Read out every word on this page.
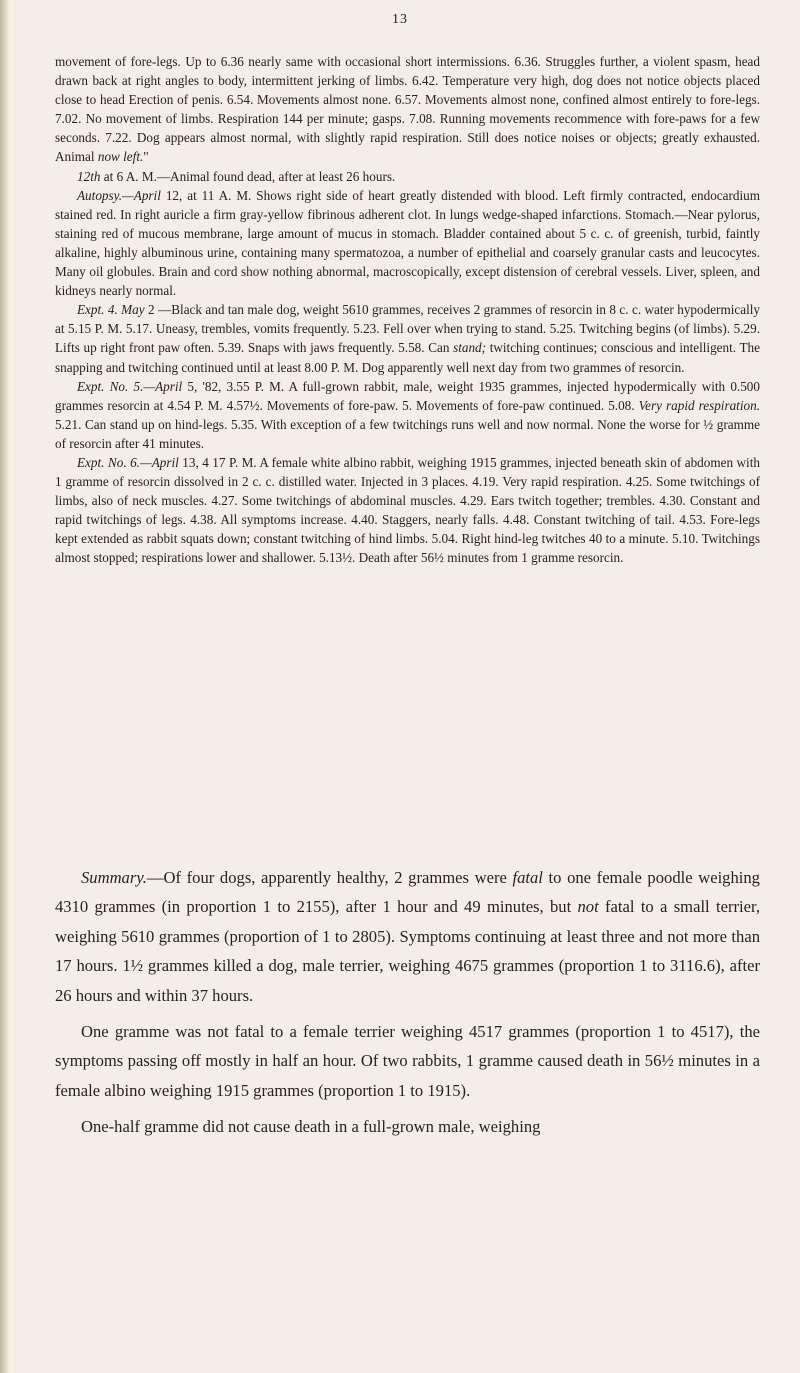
13

movement of fore-legs. Up to 6.36 nearly same with occasional short intermissions. 6.36. Struggles further, a violent spasm, head drawn back at right angles to body, intermittent jerking of limbs. 6.42. Temperature very high, dog does not notice objects placed close to head Erection of penis. 6.54. Movements almost none. 6.57. Movements almost none, confined almost entirely to fore-legs. 7.02. No movement of limbs. Respiration 144 per minute; gasps. 7.08. Running movements recommence with fore-paws for a few seconds. 7.22. Dog appears almost normal, with slightly rapid respiration. Still does notice noises or objects; greatly exhausted. Animal now left."

12th at 6 A. M.—Animal found dead, after at least 26 hours.

Autopsy.—April 12, at 11 A. M. Shows right side of heart greatly distended with blood. Left firmly contracted, endocardium stained red. In right auricle a firm gray-yellow fibrinous adherent clot. In lungs wedge-shaped infarctions. Stomach.—Near pylorus, staining red of mucous membrane, large amount of mucus in stomach. Bladder contained about 5 c. c. of greenish, turbid, faintly alkaline, highly albuminous urine, containing many spermatozoa, a number of epithelial and coarsely granular casts and leucocytes. Many oil globules. Brain and cord show nothing abnormal, macroscopically, except distension of cerebral vessels. Liver, spleen, and kidneys nearly normal.

Expt. 4. May 2 —Black and tan male dog, weight 5610 grammes, receives 2 grammes of resorcin in 8 c. c. water hypodermically at 5.15 P. M. 5.17. Uneasy, trembles, vomits frequently. 5.23. Fell over when trying to stand. 5.25. Twitching begins (of limbs). 5.29. Lifts up right front paw often. 5.39. Snaps with jaws frequently. 5.58. Can stand; twitching continues; conscious and intelligent. The snapping and twitching continued until at least 8.00 P. M. Dog apparently well next day from two grammes of resorcin.

Expt. No. 5.—April 5, '82, 3.55 P. M. A full-grown rabbit, male, weight 1935 grammes, injected hypodermically with 0.500 grammes resorcin at 4.54 P. M. 4.57½. Movements of fore-paw. 5. Movements of fore-paw continued. 5.08. Very rapid respiration. 5.21. Can stand up on hind-legs. 5.35. With exception of a few twitchings runs well and now normal. None the worse for ½ gramme of resorcin after 41 minutes.

Expt. No. 6.—April 13, 4 17 P. M. A female white albino rabbit, weighing 1915 grammes, injected beneath skin of abdomen with 1 gramme of resorcin dissolved in 2 c. c. distilled water. Injected in 3 places. 4.19. Very rapid respiration. 4.25. Some twitchings of limbs, also of neck muscles. 4.27. Some twitchings of abdominal muscles. 4.29. Ears twitch together; trembles. 4.30. Constant and rapid twitchings of legs. 4.38. All symptoms increase. 4.40. Staggers, nearly falls. 4.48. Constant twitching of tail. 4.53. Fore-legs kept extended as rabbit squats down; constant twitching of hind limbs. 5.04. Right hind-leg twitches 40 to a minute. 5.10. Twitchings almost stopped; respirations lower and shallower. 5.13½. Death after 56½ minutes from 1 gramme resorcin.

Summary.—Of four dogs, apparently healthy, 2 grammes were fatal to one female poodle weighing 4310 grammes (in proportion 1 to 2155), after 1 hour and 49 minutes, but not fatal to a small terrier, weighing 5610 grammes (proportion of 1 to 2805). Symptoms continuing at least three and not more than 17 hours. 1½ grammes killed a dog, male terrier, weighing 4675 grammes (proportion 1 to 3116.6), after 26 hours and within 37 hours.

One gramme was not fatal to a female terrier weighing 4517 grammes (proportion 1 to 4517), the symptoms passing off mostly in half an hour. Of two rabbits, 1 gramme caused death in 56½ minutes in a female albino weighing 1915 grammes (proportion 1 to 1915).

One-half gramme did not cause death in a full-grown male, weighing
